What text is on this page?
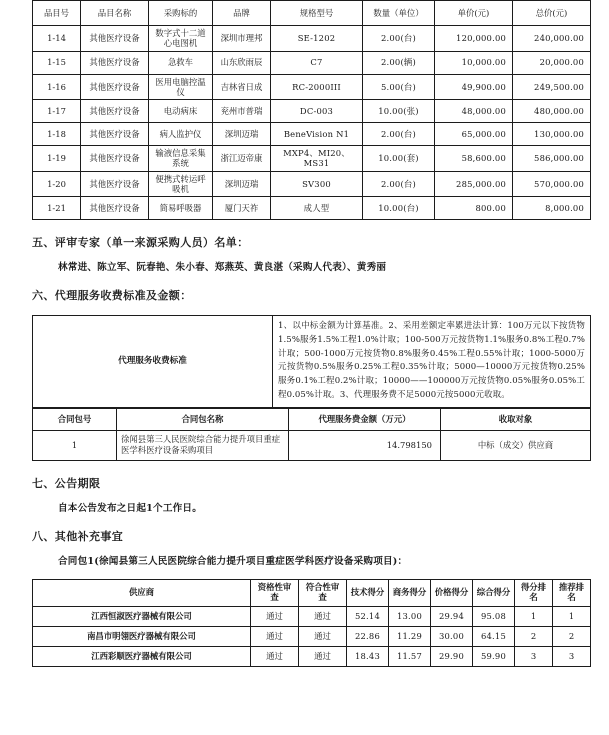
品目号	品目名称	采购标的	品牌	规格型号	数量（单位）	单价(元)	总价(元)
1-14	其他医疗设备	数字式十二道心电图机	深圳市理邦	SE-1202	2.00(台)	120,000.00	240,000.00
1-15	其他医疗设备	急救车	山东欣雨辰	C7	2.00(辆)	10,000.00	20,000.00
1-16	其他医疗设备	医用电脑控温仪	吉林省日成	RC-2000III	5.00(台)	49,900.00	249,500.00
1-17	其他医疗设备	电动病床	兖州市普瑞	DC-003	10.00(张)	48,000.00	480,000.00
1-18	其他医疗设备	病人监护仪	深圳迈瑞	BeneVision N1	2.00(台)	65,000.00	130,000.00
1-19	其他医疗设备	输液信息采集系统	浙江迈帝康	MXP4、MI20、MS31	10.00(套)	58,600.00	586,000.00
1-20	其他医疗设备	便携式转运呼吸机	深圳迈瑞	SV300	2.00(台)	285,000.00	570,000.00
1-21	其他医疗设备	简易呼吸器	厦门天祚	成人型	10.00(台)	800.00	8,000.00
五、评审专家（单一来源采购人员）名单：
林常进、陈立军、阮春艳、朱小春、郑燕英、黄良湛（采购人代表）、黄秀丽
六、代理服务收费标准及金额：
代理服务收费标准	1、以中标金额为计算基准。2、采用差额定率累进法计算：100万元以下按货物1.5%服务1.5%工程1.0%计取；100-500万元按货物1.1%服务0.8%工程0.7%计取；500-1000万元按货物0.8%服务0.45%工程0.55%计取；1000-5000万元按货物0.5%服务0.25%工程0.35%计取；5000—10000万元按货物0.25%服务0.1%工程0.2%计取；10000——100000万元按货物0.05%服务0.05%工程0.05%计取。3、代理服务费不足5000元按5000元收取。
合同包号	合同包名称	代理服务费金额（万元）	收取对象
1	徐闻县第三人民医院综合能力提升项目重症医学科医疗设备采购项目	14.798150	中标（成交）供应商
七、公告期限
自本公告发布之日起1个工作日。
八、其他补充事宜
合同包1(徐闻县第三人民医院综合能力提升项目重症医学科医疗设备采购项目)：
供应商	资格性审查	符合性审查	技术得分	商务得分	价格得分	综合得分	得分排名	推荐排名
江西恒淑医疗器械有限公司	通过	通过	52.14	13.00	29.94	95.08	1	1
南昌市明翎医疗器械有限公司	通过	通过	22.86	11.29	30.00	64.15	2	2
江西彩顺医疗器械有限公司	通过	通过	18.43	11.57	29.90	59.90	3	3
